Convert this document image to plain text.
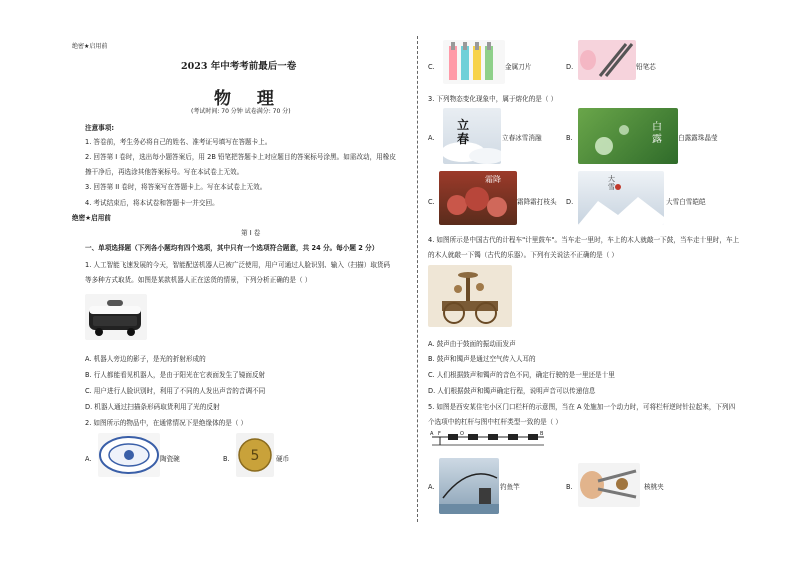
绝密★启用前
2023 年中考考前最后一卷
物 理
(考试时间: 70 分钟 试卷满分: 70 分)
注意事项:
1. 答卷前，考生务必将自己的姓名、准考证号填写在答题卡上。
2. 回答第 I 卷时，选出每小题答案后，用 2B 铅笔把答题卡上对应题目的答案标号涂黑。如需改动，用橡皮
擦干净后，再选涂其他答案标号。写在本试卷上无效。
3. 回答第 II 卷时，将答案写在答题卡上。写在本试卷上无效。
4. 考试结束后，将本试卷和答题卡一并交回。
绝密★启用前
第 I 卷
一、单项选择题（下列各小题均有四个选项，其中只有一个选项符合题意，共 24 分。每小题 2 分）
1. 人工智能飞速发展的今天，智能配送机器人已被广泛使用，用户可通过人脸识别、输入（扫描）取货码
等多种方式取货。如图是某款机器人正在送货的情景，下列分析正确的是（ ）
A. 机器人旁边的影子，是光的折射形成的
B. 行人都能看见机器人，是由于阳光在它表面发生了镜面反射
C. 用户进行人脸识别时，利用了不同的人发出声音的音调不同
D. 机器人通过扫描条形码取货利用了光的反射
2. 如图所示的物品中，在通常情况下是绝缘体的是（ ）
A.	陶瓷碗	B. 5	硬币
C.	金属刀片	D.	铅笔芯
3. 下列物态变化现象中，属于熔化的是（ ）
A.
立春	立春冰雪消融	B.
白露 白露露珠晶莹
C.
霜降
霜降霜打枝头 D.
大雪
大雪白雪皑皑
4. 如图所示是中国古代的计程车"计里鼓车"。当车走一里时，车上的木人就敲一下鼓，当车走十里时，车上
的木人就敲一下镯（古代的乐器）。下列有关说法不正确的是（ ）
A. 鼓声由于鼓面的振动而发声
B. 鼓声和镯声是通过空气传入人耳的
C. 人们根据鼓声和镯声的音色不同，确定行驶的是一里还是十里
D. 人们根据鼓声和镯声确定行程，说明声音可以传递信息
5. 如图是西安某住宅小区门口栏杆的示意图，当在 A 处施加一个动力时，可将栏杆逆时针拉起来，下列四
个选项中的杠杆与图中杠杆类型一致的是（ ）
A F	O	B
A.	钓鱼竿	B.	核桃夹
